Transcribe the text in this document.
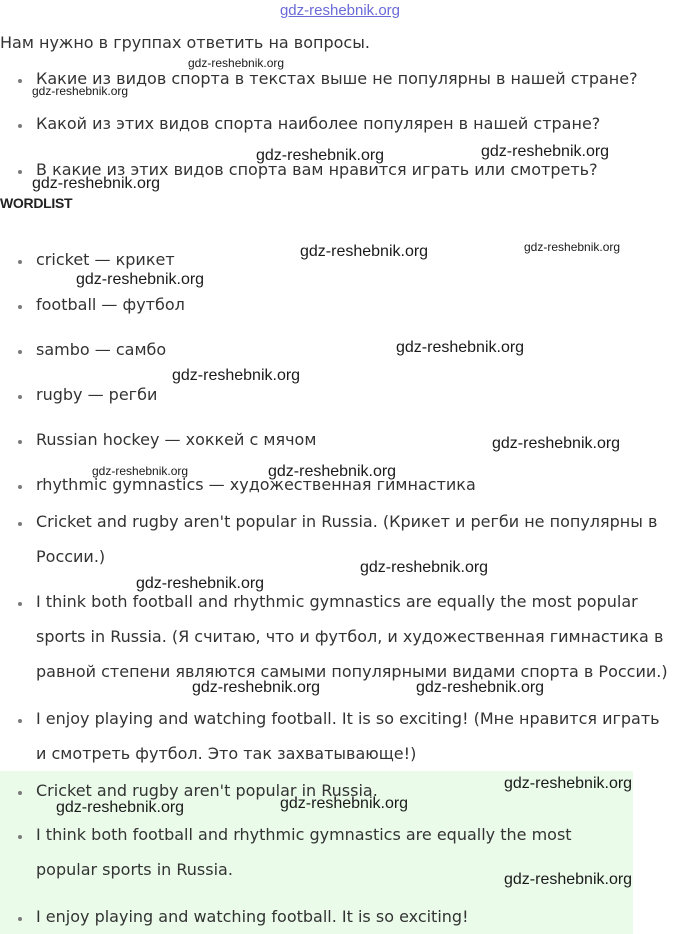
gdz-reshebnik.org
Нам нужно в группах ответить на вопросы.
Какие из видов спорта в текстах выше не популярны в нашей стране?
Какой из этих видов спорта наиболее популярен в нашей стране?
В какие из этих видов спорта вам нравится играть или смотреть?
WORDLIST
cricket — крикет
football — футбол
sambo — самбо
rugby — регби
Russian hockey — хоккей с мячом
rhythmic gymnastics — художественная гимнастика
Cricket and rugby aren't popular in Russia. (Крикет и регби не популярны в
России.)
I think both football and rhythmic gymnastics are equally the most popular
sports in Russia. (Я считаю, что и футбол, и художественная гимнастика в
равной степени являются самыми популярными видами спорта в России.)
I enjoy playing and watching football. It is so exciting! (Мне нравится играть
и смотреть футбол. Это так захватывающе!)
Cricket and rugby aren't popular in Russia.
I think both football and rhythmic gymnastics are equally the most
popular sports in Russia.
I enjoy playing and watching football. It is so exciting!
gdz-reshebnik.org
gdz-reshebnik.org
gdz-reshebnik.org	gdz-reshebnik.org
gdz-reshebnik.org
gdz-reshebnik.org	gdz-reshebnik.org
gdz-reshebnik.org
gdz-reshebnik.org
gdz-reshebnik.org
gdz-reshebnik.org
gdz-reshebnik.org	gdz-reshebnik.org
gdz-reshebnik.org
gdz-reshebnik.org
gdz-reshebnik.org	gdz-reshebnik.org
gdz-reshebnik.org
gdz-reshebnik.org
gdz-reshebnik.org
gdz-reshebnik.org
